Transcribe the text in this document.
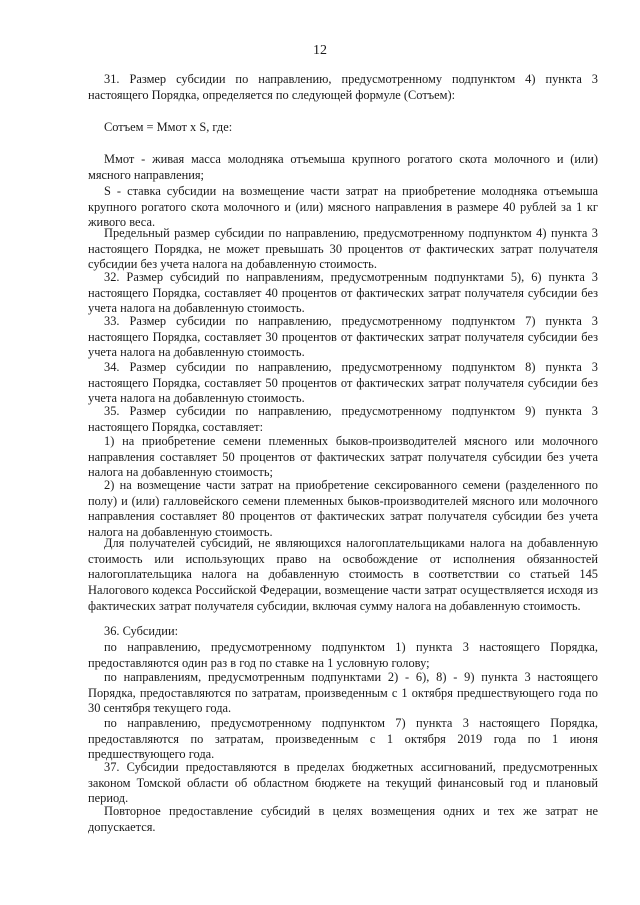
12

31. Размер субсидии по направлению, предусмотренному подпунктом 4) пункта 3 настоящего Порядка, определяется по следующей формуле (Сотъем):

Сотъем = Ммот x S, где:

Ммот - живая масса молодняка отъемыша крупного рогатого скота молочного и (или) мясного направления;

S - ставка субсидии на возмещение части затрат на приобретение молодняка отъемыша крупного рогатого скота молочного и (или) мясного направления в размере 40 рублей за 1 кг живого веса.

Предельный размер субсидии по направлению, предусмотренному подпунктом 4) пункта 3 настоящего Порядка, не может превышать 30 процентов от фактических затрат получателя субсидии без учета налога на добавленную стоимость.

32. Размер субсидий по направлениям, предусмотренным подпунктами 5), 6) пункта 3 настоящего Порядка, составляет 40 процентов от фактических затрат получателя субсидии без учета налога на добавленную стоимость.

33. Размер субсидии по направлению, предусмотренному подпунктом 7) пункта 3 настоящего Порядка, составляет 30 процентов от фактических затрат получателя субсидии без учета налога на добавленную стоимость.

34. Размер субсидии по направлению, предусмотренному подпунктом 8) пункта 3 настоящего Порядка, составляет 50 процентов от фактических затрат получателя субсидии без учета налога на добавленную стоимость.

35. Размер субсидии по направлению, предусмотренному подпунктом 9) пункта 3 настоящего Порядка, составляет:

1) на приобретение семени племенных быков-производителей мясного или молочного направления составляет 50 процентов от фактических затрат получателя субсидии без учета налога на добавленную стоимость;

2) на возмещение части затрат на приобретение сексированного семени (разделенного по полу) и (или) галловейского семени племенных быков-производителей мясного или молочного направления составляет 80 процентов от фактических затрат получателя субсидии без учета налога на добавленную стоимость.

Для получателей субсидий, не являющихся налогоплательщиками налога на добавленную стоимость или использующих право на освобождение от исполнения обязанностей налогоплательщика налога на добавленную стоимость в соответствии со статьей 145 Налогового кодекса Российской Федерации, возмещение части затрат осуществляется исходя из фактических затрат получателя субсидии, включая сумму налога на добавленную стоимость.

36. Субсидии:

по направлению, предусмотренному подпунктом 1) пункта 3 настоящего Порядка, предоставляются один раз в год по ставке на 1 условную голову;

по направлениям, предусмотренным подпунктами 2) - 6), 8) - 9) пункта 3 настоящего Порядка, предоставляются по затратам, произведенным с 1 октября предшествующего года по 30 сентября текущего года.

по направлению, предусмотренному подпунктом 7) пункта 3 настоящего Порядка, предоставляются по затратам, произведенным с 1 октября 2019 года по 1 июня предшествующего года.

37. Субсидии предоставляются в пределах бюджетных ассигнований, предусмотренных законом Томской области об областном бюджете на текущий финансовый год и плановый период.

Повторное предоставление субсидий в целях возмещения одних и тех же затрат не допускается.
